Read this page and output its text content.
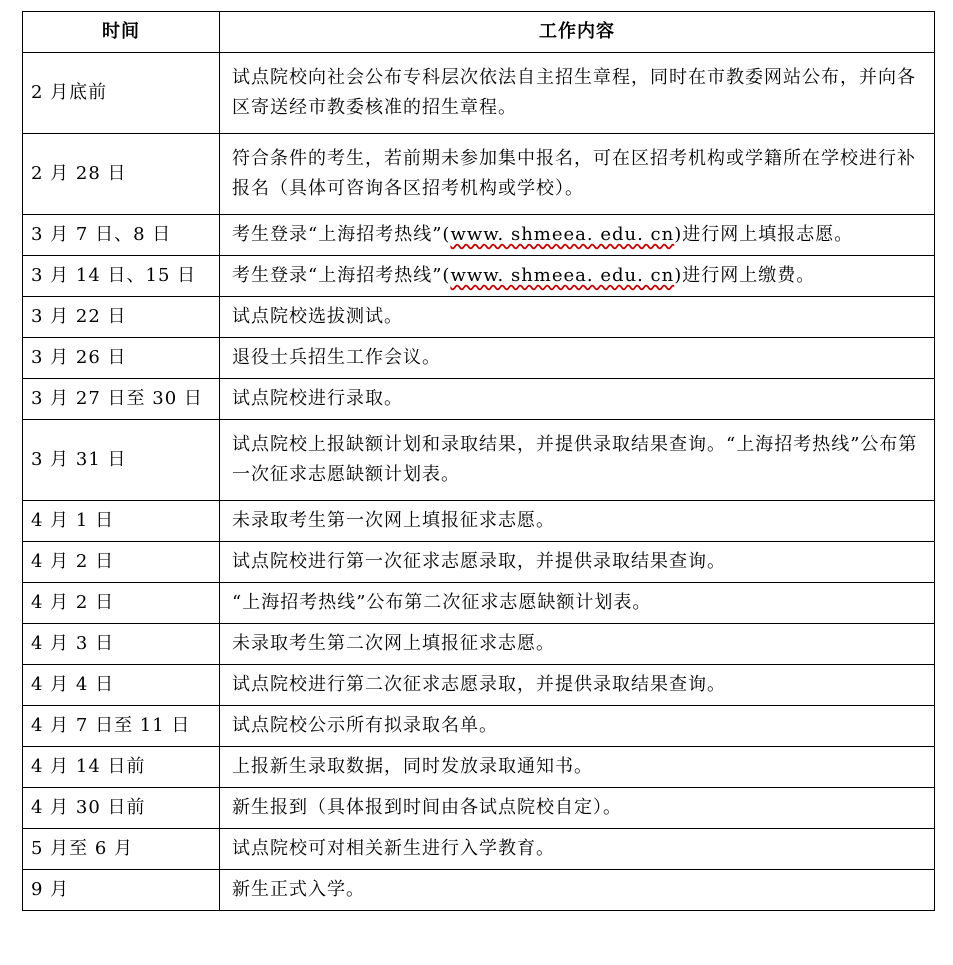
时间	工作内容
2 月底前	试点院校向社会公布专科层次依法自主招生章程，同时在市教委网站公布，并向各区寄送经市教委核准的招生章程。
2 月 28 日	符合条件的考生，若前期未参加集中报名，可在区招考机构或学籍所在学校进行补报名（具体可咨询各区招考机构或学校）。
3 月 7 日、8 日	考生登录“上海招考热线”(www. shmeea. edu. cn)进行网上填报志愿。
3 月 14 日、15 日	考生登录“上海招考热线”(www. shmeea. edu. cn)进行网上缴费。
3 月 22 日	试点院校选拔测试。
3 月 26 日	退役士兵招生工作会议。
3 月 27 日至 30 日	试点院校进行录取。
3 月 31 日	试点院校上报缺额计划和录取结果，并提供录取结果查询。“上海招考热线”公布第一次征求志愿缺额计划表。
4 月 1 日	未录取考生第一次网上填报征求志愿。
4 月 2 日	试点院校进行第一次征求志愿录取，并提供录取结果查询。
4 月 2 日	“上海招考热线”公布第二次征求志愿缺额计划表。
4 月 3 日	未录取考生第二次网上填报征求志愿。
4 月 4 日	试点院校进行第二次征求志愿录取，并提供录取结果查询。
4 月 7 日至 11 日	试点院校公示所有拟录取名单。
4 月 14 日前	上报新生录取数据，同时发放录取通知书。
4 月 30 日前	新生报到（具体报到时间由各试点院校自定）。
5 月至 6 月	试点院校可对相关新生进行入学教育。
9 月	新生正式入学。
